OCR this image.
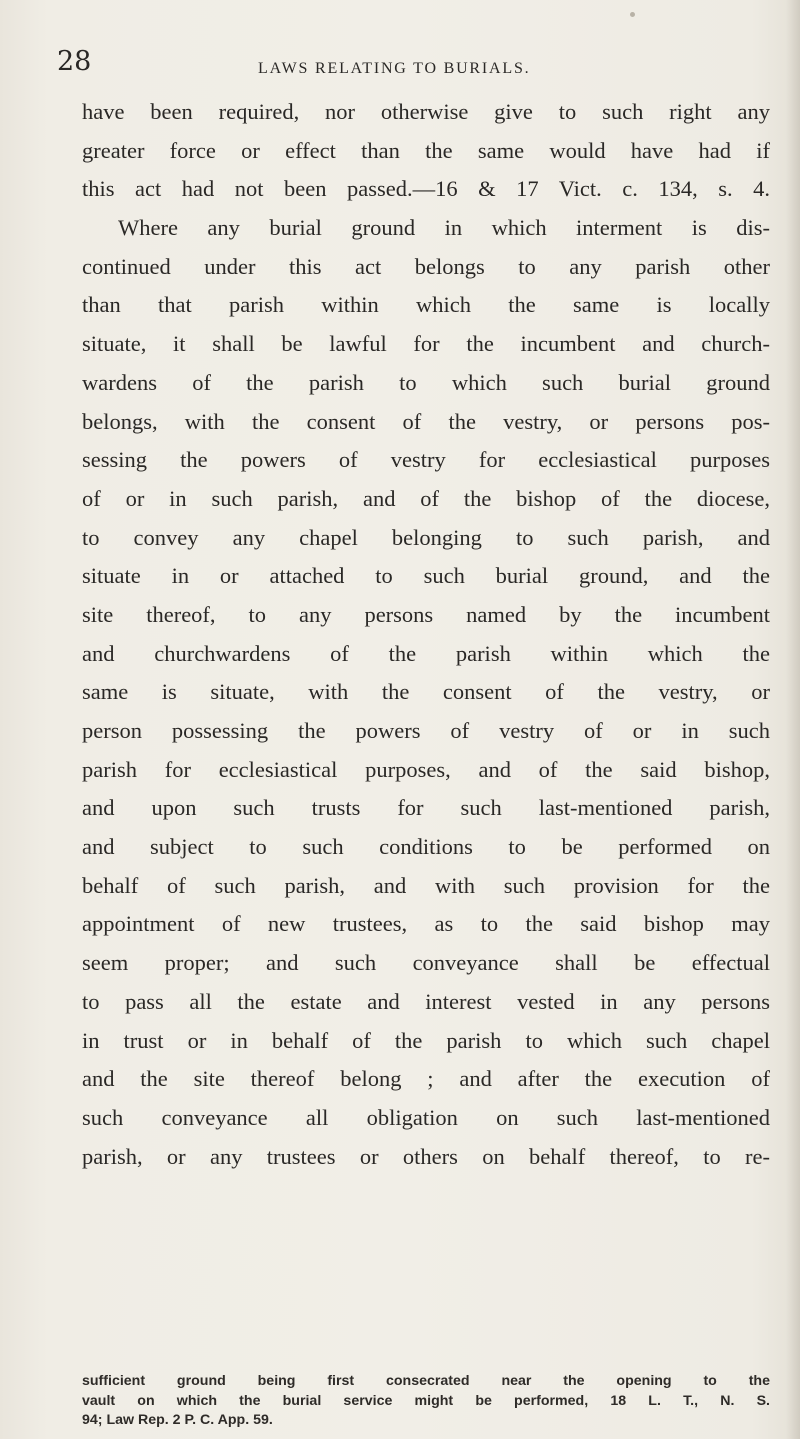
28	LAWS RELATING TO BURIALS.
have been required, nor otherwise give to such right any
greater force or effect than the same would have had if
this act had not been passed.—16 & 17 Vict. c. 134, s. 4.
Where any burial ground in which interment is dis-
continued under this act belongs to any parish other
than that parish within which the same is locally
situate, it shall be lawful for the incumbent and church-
wardens of the parish to which such burial ground
belongs, with the consent of the vestry, or persons pos-
sessing the powers of vestry for ecclesiastical purposes
of or in such parish, and of the bishop of the diocese,
to convey any chapel belonging to such parish, and
situate in or attached to such burial ground, and the
site thereof, to any persons named by the incumbent
and churchwardens of the parish within which the
same is situate, with the consent of the vestry, or
person possessing the powers of vestry of or in such
parish for ecclesiastical purposes, and of the said bishop,
and upon such trusts for such last-mentioned parish,
and subject to such conditions to be performed on
behalf of such parish, and with such provision for the
appointment of new trustees, as to the said bishop may
seem proper; and such conveyance shall be effectual
to pass all the estate and interest vested in any persons
in trust or in behalf of the parish to which such chapel
and the site thereof belong ; and after the execution of
such conveyance all obligation on such last-mentioned
parish, or any trustees or others on behalf thereof, to re-
sufficient ground being first consecrated near the opening to the
vault on which the burial service might be performed, 18 L. T., N. S.
94; Law Rep. 2 P. C. App. 59.
